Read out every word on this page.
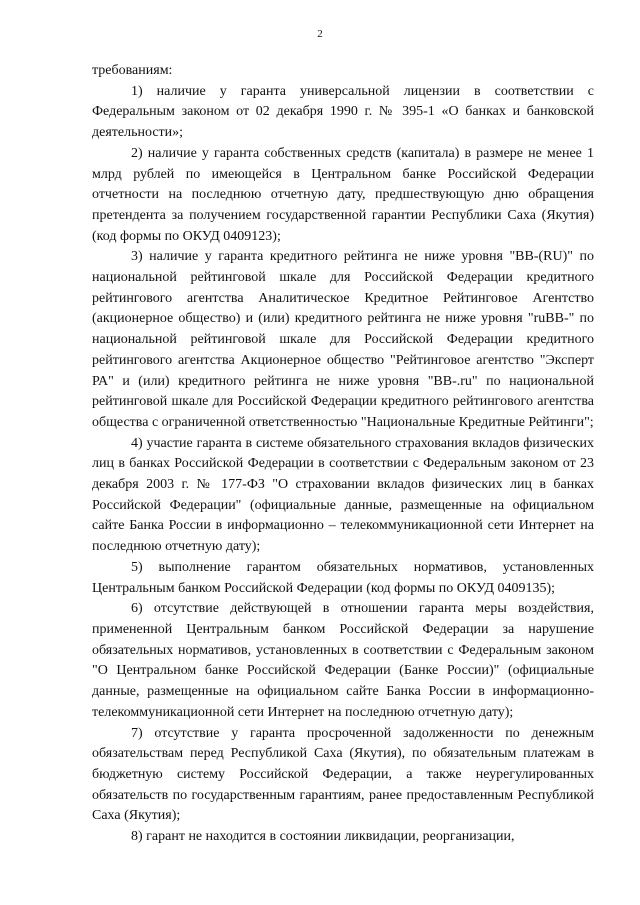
2

требованиям:

1) наличие у гаранта универсальной лицензии в соответствии с Федеральным законом от 02 декабря 1990 г. № 395-1 «О банках и банковской деятельности»;

2) наличие у гаранта собственных средств (капитала) в размере не менее 1 млрд рублей по имеющейся в Центральном банке Российской Федерации отчетности на последнюю отчетную дату, предшествующую дню обращения претендента за получением государственной гарантии Республики Саха (Якутия) (код формы по ОКУД 0409123);

3) наличие у гаранта кредитного рейтинга не ниже уровня "BB-(RU)" по национальной рейтинговой шкале для Российской Федерации кредитного рейтингового агентства Аналитическое Кредитное Рейтинговое Агентство (акционерное общество) и (или) кредитного рейтинга не ниже уровня "ruBB-" по национальной рейтинговой шкале для Российской Федерации кредитного рейтингового агентства Акционерное общество "Рейтинговое агентство "Эксперт РА" и (или) кредитного рейтинга не ниже уровня "BB-.ru" по национальной рейтинговой шкале для Российской Федерации кредитного рейтингового агентства общества с ограниченной ответственностью "Национальные Кредитные Рейтинги";

4) участие гаранта в системе обязательного страхования вкладов физических лиц в банках Российской Федерации в соответствии с Федеральным законом от 23 декабря 2003 г. № 177-ФЗ "О страховании вкладов физических лиц в банках Российской Федерации" (официальные данные, размещенные на официальном сайте Банка России в информационно – телекоммуникационной сети Интернет на последнюю отчетную дату);

5) выполнение гарантом обязательных нормативов, установленных Центральным банком Российской Федерации (код формы по ОКУД 0409135);

6) отсутствие действующей в отношении гаранта меры воздействия, примененной Центральным банком Российской Федерации за нарушение обязательных нормативов, установленных в соответствии с Федеральным законом "О Центральном банке Российской Федерации (Банке России)" (официальные данные, размещенные на официальном сайте Банка России в информационно-телекоммуникационной сети Интернет на последнюю отчетную дату);

7) отсутствие у гаранта просроченной задолженности по денежным обязательствам перед Республикой Саха (Якутия), по обязательным платежам в бюджетную систему Российской Федерации, а также неурегулированных обязательств по государственным гарантиям, ранее предоставленным Республикой Саха (Якутия);

8) гарант не находится в состоянии ликвидации, реорганизации,
